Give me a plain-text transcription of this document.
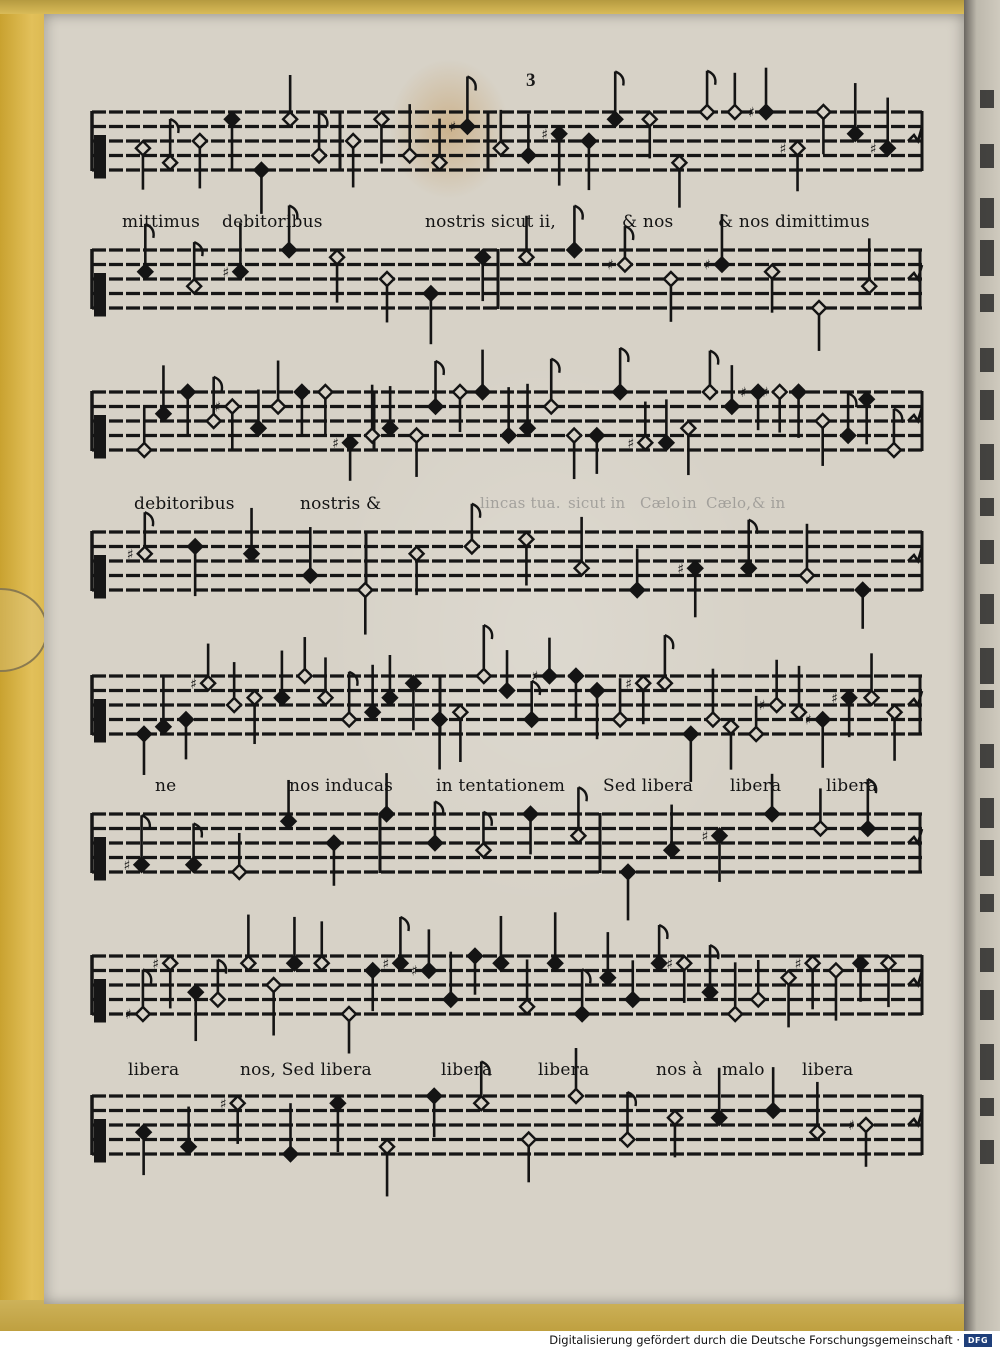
♯	♯
♯
♯	♯
♯	♯	♯
♯
♯	♯
♯ ♯
♯
♯
♯	♯	♯
♯
♯
♯
♯
♯
♯
♯	♯ ♯	♯	♯
♯
♯
3
mittimus debitoribus	nostris sicut ii,	& nos	& nos dimittimus
debitoribus	nostris &	lincas tua. sicut in Cælo in Cælo, & in
ne	nos inducas	in tentationem Sed libera libera	libera
libera	nos, Sed libera	libera	libera	nos à malo libera
Digitalisierung gefördert durch die Deutsche Forschungsgemeinschaft · DFG
